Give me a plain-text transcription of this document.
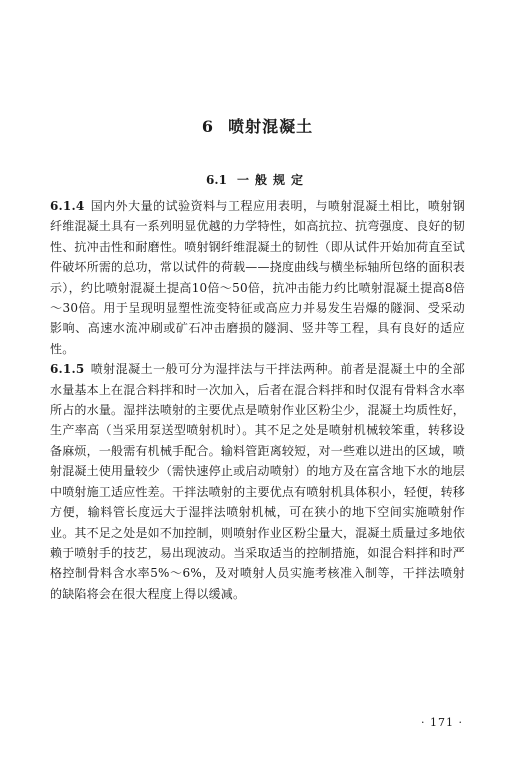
6 喷射混凝土
6.1 一般规定

6.1.4 国内外大量的试验资料与工程应用表明，与喷射混凝土相比，喷射钢纤维混凝土具有一系列明显优越的力学特性，如高抗拉、抗弯强度、良好的韧性、抗冲击性和耐磨性。喷射钢纤维混凝土的韧性（即从试件开始加荷直至试件破坏所需的总功，常以试件的荷载——挠度曲线与横坐标轴所包络的面积表示），约比喷射混凝土提高10倍～50倍，抗冲击能力约比喷射混凝土提高8倍～30倍。用于呈现明显塑性流变特征或高应力并易发生岩爆的隧洞、受采动影响、高速水流冲刷或矿石冲击磨损的隧洞、竖井等工程，具有良好的适应性。

6.1.5 喷射混凝土一般可分为湿拌法与干拌法两种。前者是混凝土中的全部水量基本上在混合料拌和时一次加入，后者在混合料拌和时仅混有骨料含水率所占的水量。湿拌法喷射的主要优点是喷射作业区粉尘少，混凝土均质性好，生产率高（当采用泵送型喷射机时）。其不足之处是喷射机械较笨重，转移设备麻烦，一般需有机械手配合。输料管距离较短，对一些难以进出的区域，喷射混凝土使用量较少（需快速停止或启动喷射）的地方及在富含地下水的地层中喷射施工适应性差。干拌法喷射的主要优点有喷射机具体积小，轻便，转移方便，输料管长度远大于湿拌法喷射机械，可在狭小的地下空间实施喷射作业。其不足之处是如不加控制，则喷射作业区粉尘量大，混凝土质量过多地依赖于喷射手的技艺，易出现波动。当采取适当的控制措施，如混合料拌和时严格控制骨料含水率5%～6%，及对喷射人员实施考核准入制等，干拌法喷射的缺陷将会在很大程度上得以缓减。

· 171 ·
